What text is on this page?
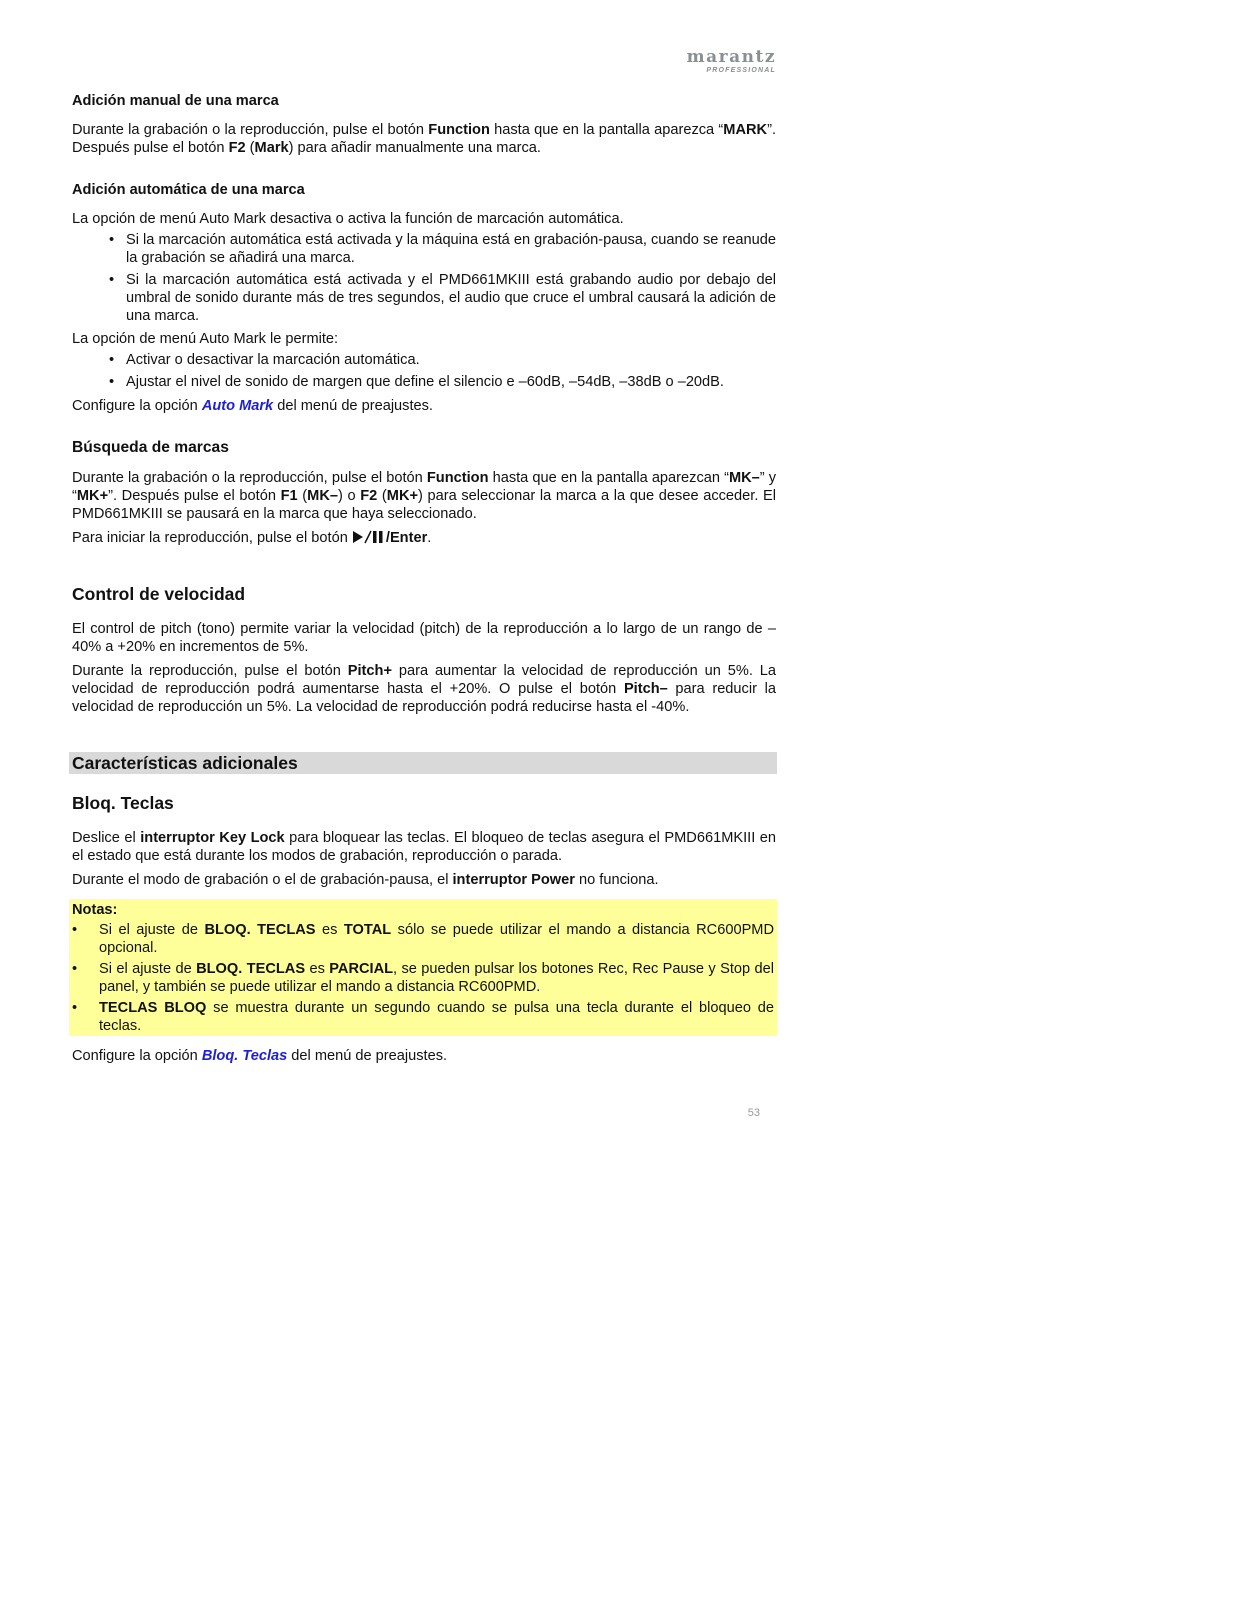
marantz
PROFESSIONAL
Adición manual de una marca

Durante la grabación o la reproducción, pulse el botón Function hasta que en la pantalla aparezca “MARK”. Después pulse el botón F2 (Mark) para añadir manualmente una marca.

Adición automática de una marca

La opción de menú Auto Mark desactiva o activa la función de marcación automática.

• Si la marcación automática está activada y la máquina está en grabación-pausa, cuando se reanude la grabación se añadirá una marca.
• Si la marcación automática está activada y el PMD661MKIII está grabando audio por debajo del umbral de sonido durante más de tres segundos, el audio que cruce el umbral causará la adición de una marca.

La opción de menú Auto Mark le permite:

• Activar o desactivar la marcación automática.
• Ajustar el nivel de sonido de margen que define el silencio e –60dB, –54dB, –38dB o –20dB.

Configure la opción Auto Mark del menú de preajustes.

Búsqueda de marcas

Durante la grabación o la reproducción, pulse el botón Function hasta que en la pantalla aparezcan “MK–” y “MK+”. Después pulse el botón F1 (MK–) o F2 (MK+) para seleccionar la marca a la que desee acceder. El PMD661MKIII se pausará en la marca que haya seleccionado.

Para iniciar la reproducción, pulse el botón /Enter.

Control de velocidad

El control de pitch (tono) permite variar la velocidad (pitch) de la reproducción a lo largo de un rango de –40% a +20% en incrementos de 5%.

Durante la reproducción, pulse el botón Pitch+ para aumentar la velocidad de reproducción un 5%. La velocidad de reproducción podrá aumentarse hasta el +20%. O pulse el botón Pitch– para reducir la velocidad de reproducción un 5%. La velocidad de reproducción podrá reducirse hasta el -40%.

Características adicionales
Bloq. Teclas

Deslice el interruptor Key Lock para bloquear las teclas. El bloqueo de teclas asegura el PMD661MKIII en el estado que está durante los modos de grabación, reproducción o parada.

Durante el modo de grabación o el de grabación-pausa, el interruptor Power no funciona.

Notas:
• Si el ajuste de BLOQ. TECLAS es TOTAL sólo se puede utilizar el mando a distancia RC600PMD opcional.
• Si el ajuste de BLOQ. TECLAS es PARCIAL, se pueden pulsar los botones Rec, Rec Pause y Stop del panel, y también se puede utilizar el mando a distancia RC600PMD.
• TECLAS BLOQ se muestra durante un segundo cuando se pulsa una tecla durante el bloqueo de teclas.

Configure la opción Bloq. Teclas del menú de preajustes.

53
